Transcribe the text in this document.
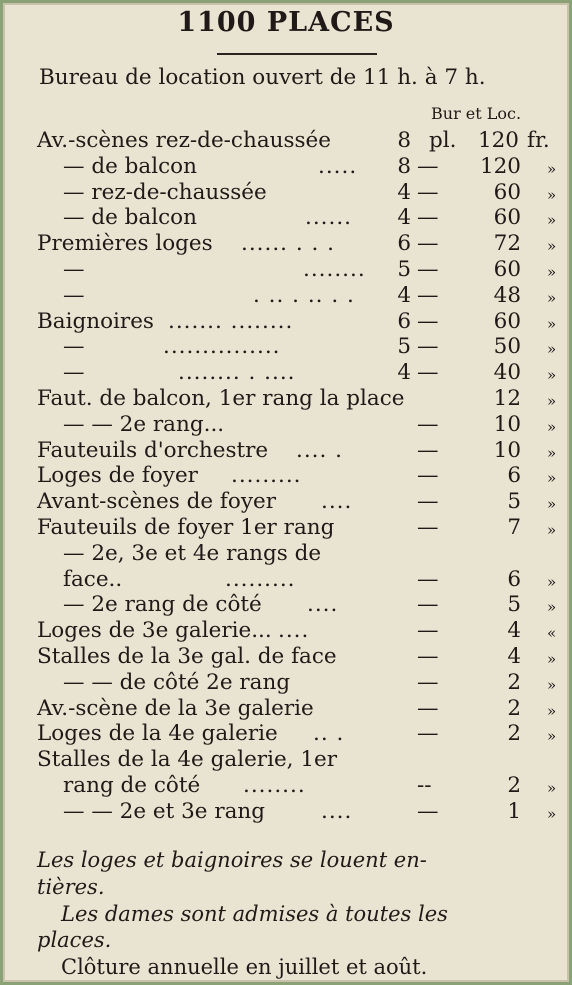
1100 PLACES
Bureau de location ouvert de 11 h. à 7 h.
Bur et Loc.
Av.-scènes rez-de-chaussée	8 pl. 120 fr.
— de balcon	.....	8 — 120 »
— rez-de-chaussée	4 —	60 »
— de balcon	......	4 —	60 »
Premières loges ...... . . .	6 —	72 »
—	........	5 —	60 »
—	. .. . .. . .	4 —	48 »
Baignoires ....... ........	6 —	60 »
—	...............	5 —	50 »
—	........ . ....	4 —	40 »
Faut. de balcon, 1er rang la place	12 »
— — 2e rang...	—	10 »
Fauteuils d'orchestre .... .	—	10 »
Loges de foyer .........	—	6 »
Avant-scènes de foyer ....	—	5 »
Fauteuils de foyer 1er rang	—	7 »
— 2e, 3e et 4e rangs de
face..	.........	—	6 »
— 2e rang de côté ....	—	5 »
Loges de 3e galerie... ....	—	4 «
Stalles de la 3e gal. de face	—	4 »
— — de côté 2e rang	—	2 »
Av.-scène de la 3e galerie	—	2 »
Loges de la 4e galerie .. .	—	2 »
Stalles de la 4e galerie, 1er
rang de côté ........	--	2 »
— — 2e et 3e rang	....	—	1 »
Les loges et baignoires se louent en-
tières.
Les dames sont admises à toutes les
places.
Clôture annuelle en juillet et août.
